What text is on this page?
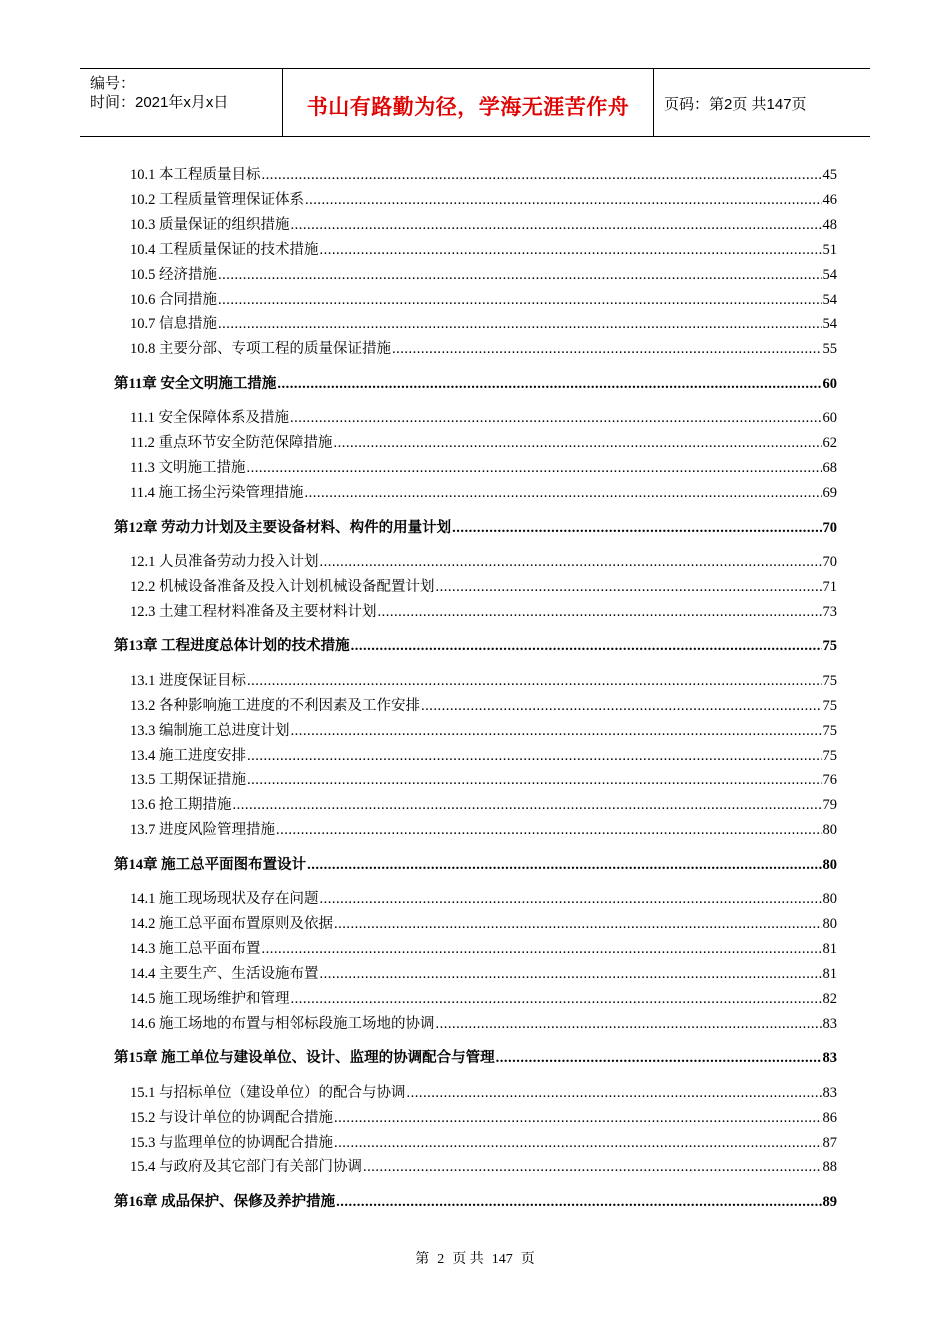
编号：
时间：2021年x月x日	书山有路勤为径，学海无涯苦作舟	页码：第2页 共147页
10.1 本工程质量目标 .....	45
10.2 工程质量管理保证体系 .....	46
10.3 质量保证的组织措施 .....	48
10.4 工程质量保证的技术措施 .....	51
10.5 经济措施 .....	54
10.6 合同措施 .....	54
10.7 信息措施 .....	54
10.8 主要分部、专项工程的质量保证措施 .....	55
第11章 安全文明施工措施 .....	60
11.1 安全保障体系及措施 .....	60
11.2 重点环节安全防范保障措施 .....	62
11.3 文明施工措施 .....	68
11.4 施工扬尘污染管理措施 .....	69
第12章 劳动力计划及主要设备材料、构件的用量计划 .....	70
12.1 人员准备劳动力投入计划 .....	70
12.2 机械设备准备及投入计划机械设备配置计划 .....	71
12.3 土建工程材料准备及主要材料计划 .....	73
第13章 工程进度总体计划的技术措施 .....	75
13.1 进度保证目标 .....	75
13.2 各种影响施工进度的不利因素及工作安排 .....	75
13.3 编制施工总进度计划 .....	75
13.4 施工进度安排 .....	75
13.5 工期保证措施 .....	76
13.6 抢工期措施 .....	79
13.7 进度风险管理措施 .....	80
第14章 施工总平面图布置设计 .....	80
14.1 施工现场现状及存在问题 .....	80
14.2 施工总平面布置原则及依据 .....	80
14.3 施工总平面布置 .....	81
14.4 主要生产、生活设施布置 .....	81
14.5 施工现场维护和管理 .....	82
14.6 施工场地的布置与相邻标段施工场地的协调 .....	83
第15章 施工单位与建设单位、设计、监理的协调配合与管理 .....	83
15.1 与招标单位（建设单位）的配合与协调 .....	83
15.2 与设计单位的协调配合措施 .....	86
15.3 与监理单位的协调配合措施 .....	87
15.4 与政府及其它部门有关部门协调 .....	88
第16章 成品保护、保修及养护措施 .....	89
第 2 页 共 147 页
